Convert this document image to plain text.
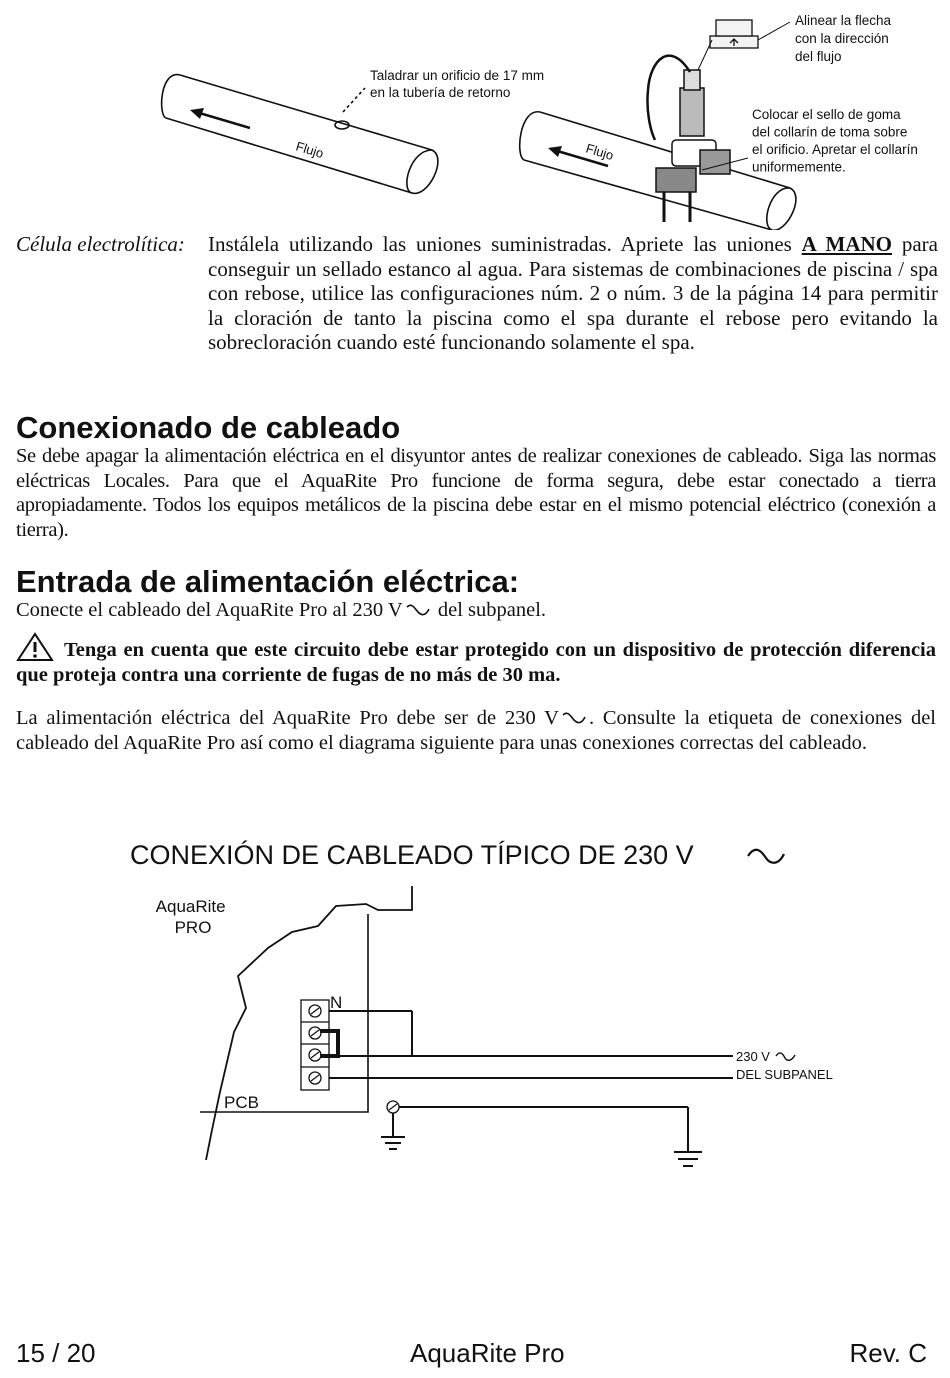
Flujo
Taladrar un orificio de 17 mm en la tubería de retorno
Flujo
Alinear la flecha con la dirección del flujo
Colocar el sello de goma del collarín de toma sobre el orificio. Apretar el collarín uniformemente.
Célula electrolítica: Instálela utilizando las uniones suministradas. Apriete las uniones A MANO para conseguir un sellado estanco al agua. Para sistemas de combinaciones de piscina / spa con rebose, utilice las configuraciones núm. 2 o núm. 3 de la página 14 para permitir la cloración de tanto la piscina como el spa durante el rebose pero evitando la sobrecloración cuando esté funcionando solamente el spa.
Conexionado de cableado
Se debe apagar la alimentación eléctrica en el disyuntor antes de realizar conexiones de cableado. Siga las normas eléctricas Locales. Para que el AquaRite Pro funcione de forma segura, debe estar conectado a tierra apropiadamente. Todos los equipos metálicos de la piscina debe estar en el mismo potencial eléctrico (conexión a tierra).
Entrada de alimentación eléctrica:
Conecte el cableado del AquaRite Pro al 230 V del subpanel.
Tenga en cuenta que este circuito debe estar protegido con un dispositivo de protección diferencia que proteja contra una corriente de fugas de no más de 30 ma.
La alimentación eléctrica del AquaRite Pro debe ser de 230 V . Consulte la etiqueta de conexiones del cableado del AquaRite Pro así como el diagrama siguiente para unas conexiones correctas del cableado.
CONEXIÓN DE CABLEADO TÍPICO DE 230 V
AquaRite PRO
PCB
N
230 V DEL SUBPANEL
15 / 20	AquaRite Pro	Rev. C
